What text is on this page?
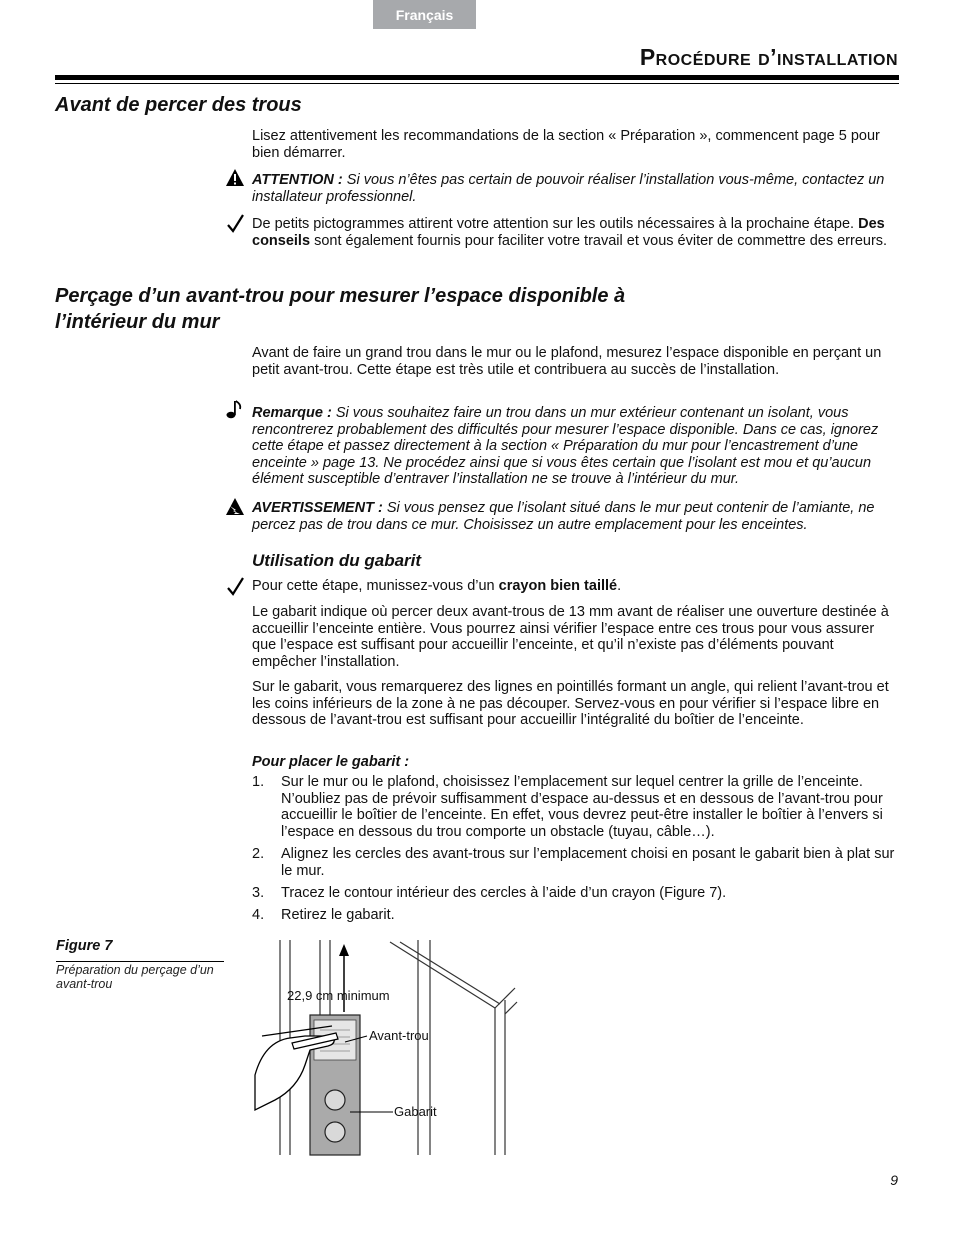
Français
Procédure d’installation
Avant de percer des trous

Lisez attentivement les recommandations de la section « Préparation », commencent page 5 pour bien démarrer.

ATTENTION : Si vous n’êtes pas certain de pouvoir réaliser l’installation vous-même, contactez un installateur professionnel.

De petits pictogrammes attirent votre attention sur les outils nécessaires à la prochaine étape. Des conseils sont également fournis pour faciliter votre travail et vous éviter de commettre des erreurs.

Perçage d’un avant-trou pour mesurer l’espace disponible à
l’intérieur du mur

Avant de faire un grand trou dans le mur ou le plafond, mesurez l’espace disponible en perçant un petit avant-trou. Cette étape est très utile et contribuera au succès de l’installation.

Remarque : Si vous souhaitez faire un trou dans un mur extérieur contenant un isolant, vous rencontrerez probablement des difficultés pour mesurer l’espace disponible. Dans ce cas, ignorez cette étape et passez directement à la section « Préparation du mur pour l’encastrement d’une enceinte » page 13. Ne procédez ainsi que si vous êtes certain que l’isolant est mou et qu’aucun élément susceptible d’entraver l’installation ne se trouve à l’intérieur du mur.

AVERTISSEMENT : Si vous pensez que l’isolant situé dans le mur peut contenir de l’amiante, ne percez pas de trou dans ce mur. Choisissez un autre emplacement pour les enceintes.

Utilisation du gabarit

Pour cette étape, munissez-vous d’un crayon bien taillé.

Le gabarit indique où percer deux avant-trous de 13 mm avant de réaliser une ouverture destinée à accueillir l’enceinte entière. Vous pourrez ainsi vérifier l’espace entre ces trous pour vous assurer que l’espace est suffisant pour accueillir l’enceinte, et qu’il n’existe pas d’éléments pouvant empêcher l’installation.

Sur le gabarit, vous remarquerez des lignes en pointillés formant un angle, qui relient l’avant-trou et les coins inférieurs de la zone à ne pas découper. Servez-vous en pour vérifier si l’espace libre en dessous de l’avant-trou est suffisant pour accueillir l’intégralité du boîtier de l’enceinte.

Pour placer le gabarit :

1. Sur le mur ou le plafond, choisissez l’emplacement sur lequel centrer la grille de l’enceinte. N’oubliez pas de prévoir suffisamment d’espace au-dessus et en dessous de l’avant-trou pour accueillir le boîtier de l’enceinte. En effet, vous devrez peut-être installer le boîtier à l’envers si l’espace en dessous du trou comporte un obstacle (tuyau, câble…).
2. Alignez les cercles des avant-trous sur l’emplacement choisi en posant le gabarit bien à plat sur le mur.
3. Tracez le contour intérieur des cercles à l’aide d’un crayon (Figure 7).
4. Retirez le gabarit.
Figure 7
Préparation du perçage d’un avant-trou
22,9 cm minimum
Avant-trou
Gabarit
9
